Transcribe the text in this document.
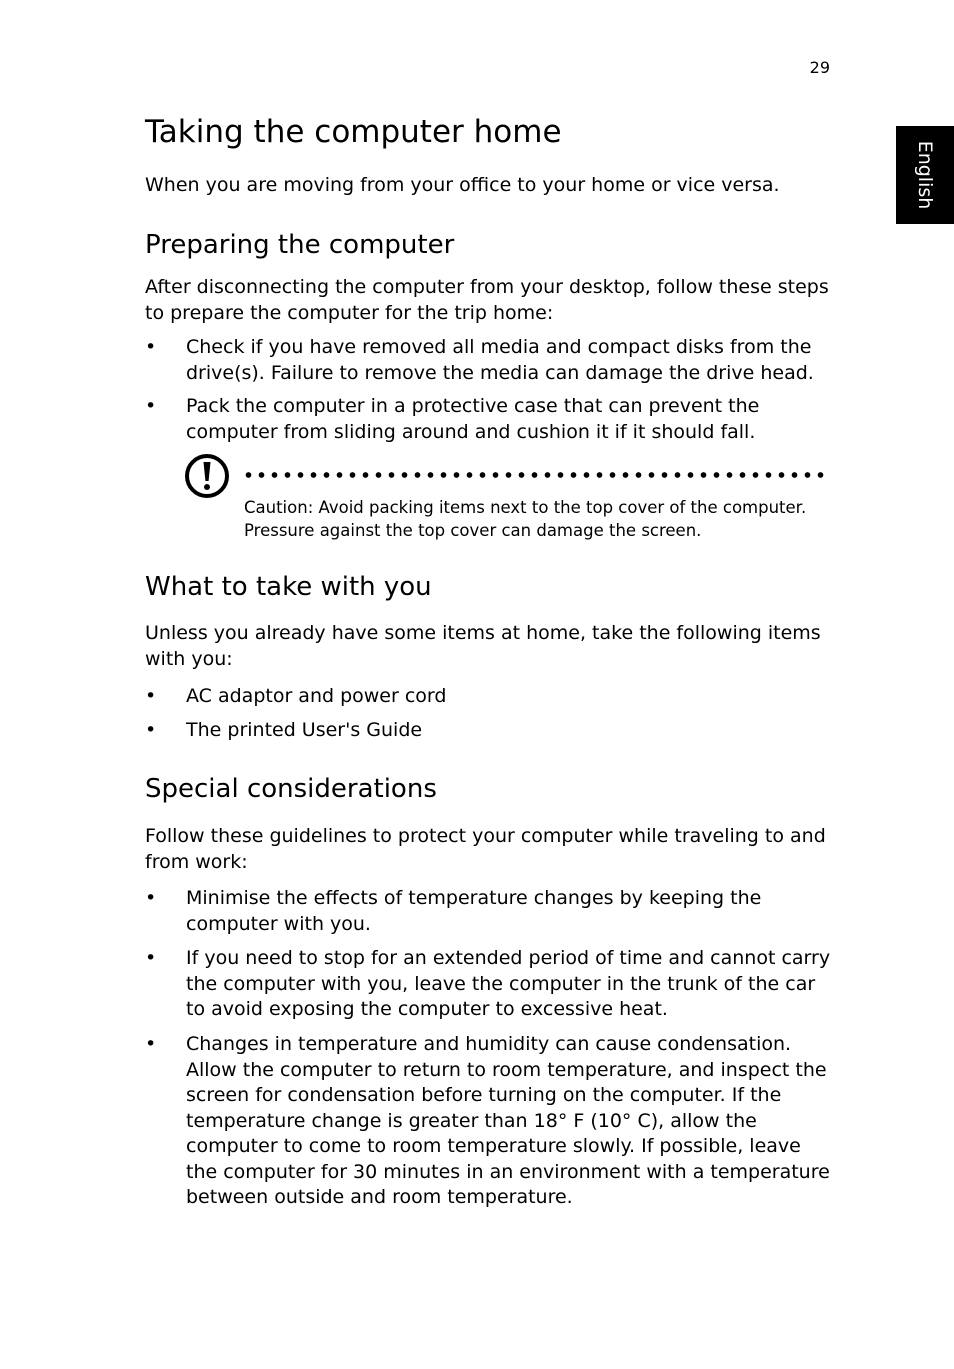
29
English
Taking the computer home
When you are moving from your office to your home or vice versa.
Preparing the computer
After disconnecting the computer from your desktop, follow these steps to prepare the computer for the trip home:
•	Check if you have removed all media and compact disks from the drive(s). Failure to remove the media can damage the drive head.
•	Pack the computer in a protective case that can prevent the computer from sliding around and cushion it if it should fall.
Caution: Avoid packing items next to the top cover of the computer. Pressure against the top cover can damage the screen.
What to take with you
Unless you already have some items at home, take the following items with you:
•	AC adaptor and power cord
•	The printed User's Guide
Special considerations
Follow these guidelines to protect your computer while traveling to and from work:
•	Minimise the effects of temperature changes by keeping the computer with you.
•	If you need to stop for an extended period of time and cannot carry the computer with you, leave the computer in the trunk of the car to avoid exposing the computer to excessive heat.
•	Changes in temperature and humidity can cause condensation. Allow the computer to return to room temperature, and inspect the screen for condensation before turning on the computer. If the temperature change is greater than 18° F (10° C), allow the computer to come to room temperature slowly. If possible, leave the computer for 30 minutes in an environment with a temperature between outside and room temperature.
